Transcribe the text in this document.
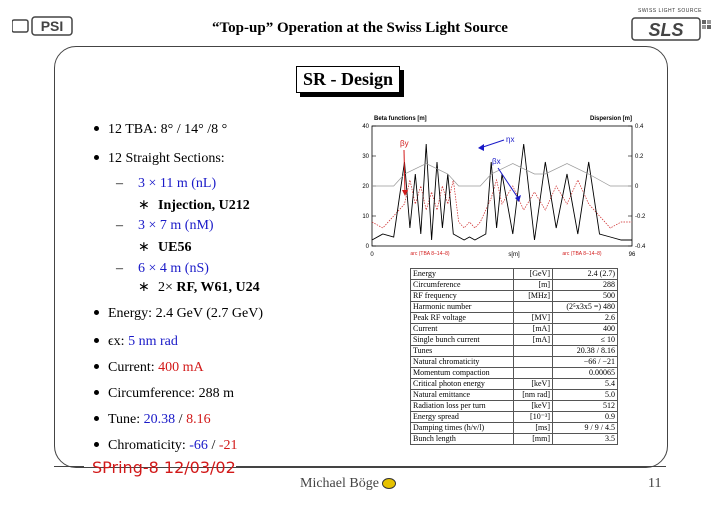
PSI	“Top-up” Operation at the Swiss Light Source
SWISS LIGHT SOURCE
SLS
SR - Design
12 TBA: 8° / 14° /8 °
12 Straight Sections:
– 3 × 11 m (nL)
∗ Injection, U212
– 3 × 7 m (nM)
∗ UE56
– 6 × 4 m (nS)
∗ 2× RF, W61, U24
Energy: 2.4 GeV (2.7 GeV)
ϵx: 5 nm rad
Current: 400 mA
Circumference: 288 m
Tune: 20.38 / 8.16
Chromaticity: -66 / -21
0
10
20
30
40
-0.4
-0.2
0
0.2
0.4
0	96
Beta functions [m]	Dispersion [m]
s[m]
arc (TBA 8–14–8)	arc (TBA 8–14–8)
βy	ηx
βx
Energy	[GeV]	2.4 (2.7)
Circumference	[m]	288
RF frequency	[MHz]	500
Harmonic number		(2⁵x3x5 =) 480
Peak RF voltage	[MV]	2.6
Current	[mA]	400
Single bunch current	[mA]	≤ 10
Tunes		20.38 / 8.16
Natural chromaticity		−66 / −21
Momentum compaction		0.00065
Critical photon energy	[keV]	5.4
Natural emittance	[nm rad]	5.0
Radiation loss per turn	[keV]	512
Energy spread	[10⁻³]	0.9
Damping times (h/v/l)	[ms]	9 / 9 / 4.5
Bunch length	[mm]	3.5
SPring-8 12/03/02
Michael Böge	11
